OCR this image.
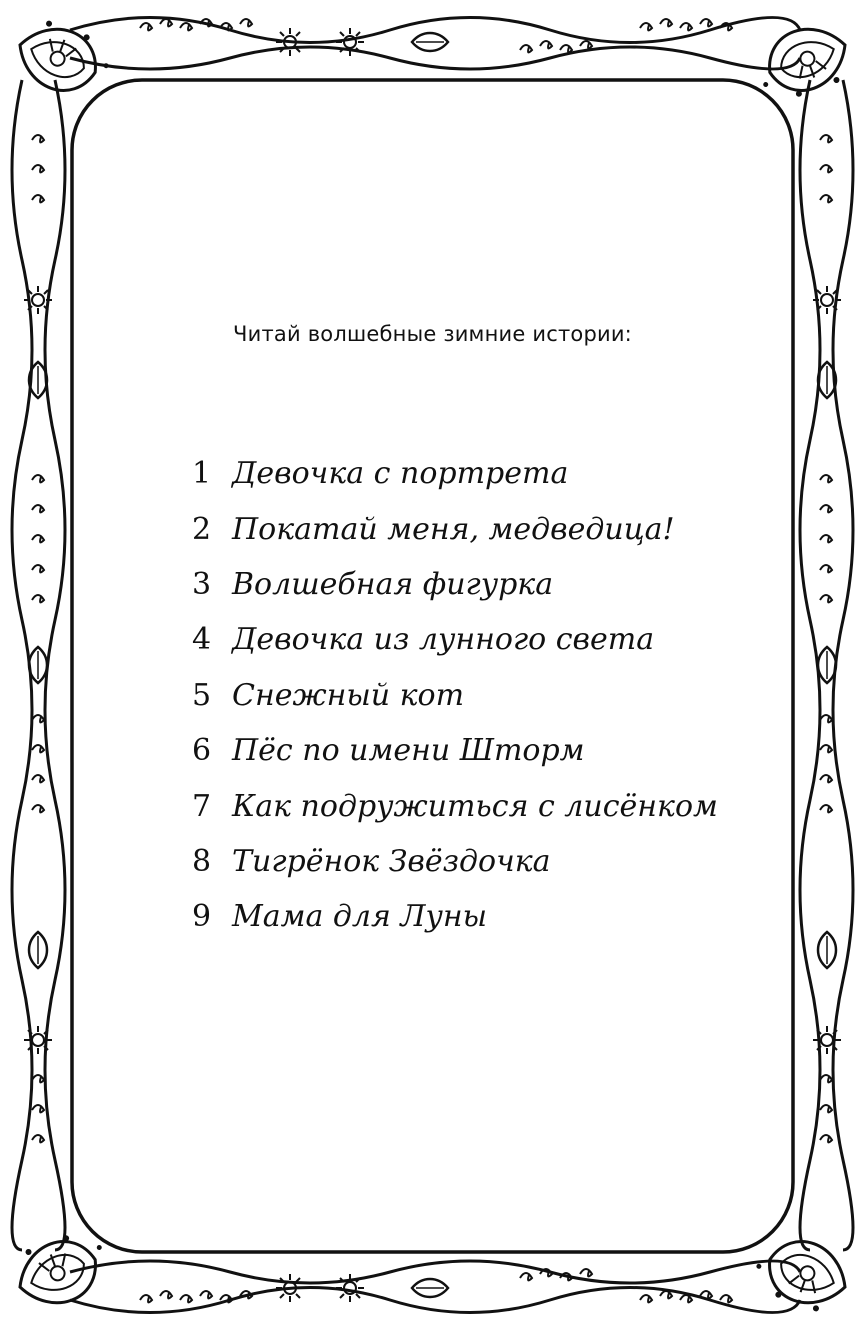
Читай волшебные зимние истории:
1 Девочка с портрета
2 Покатай меня, медведица!
3 Волшебная фигурка
4 Девочка из лунного света
5 Снежный кот
6 Пёс по имени Шторм
7 Как подружиться с лисёнком
8 Тигрёнок Звёздочка
9 Мама для Луны
